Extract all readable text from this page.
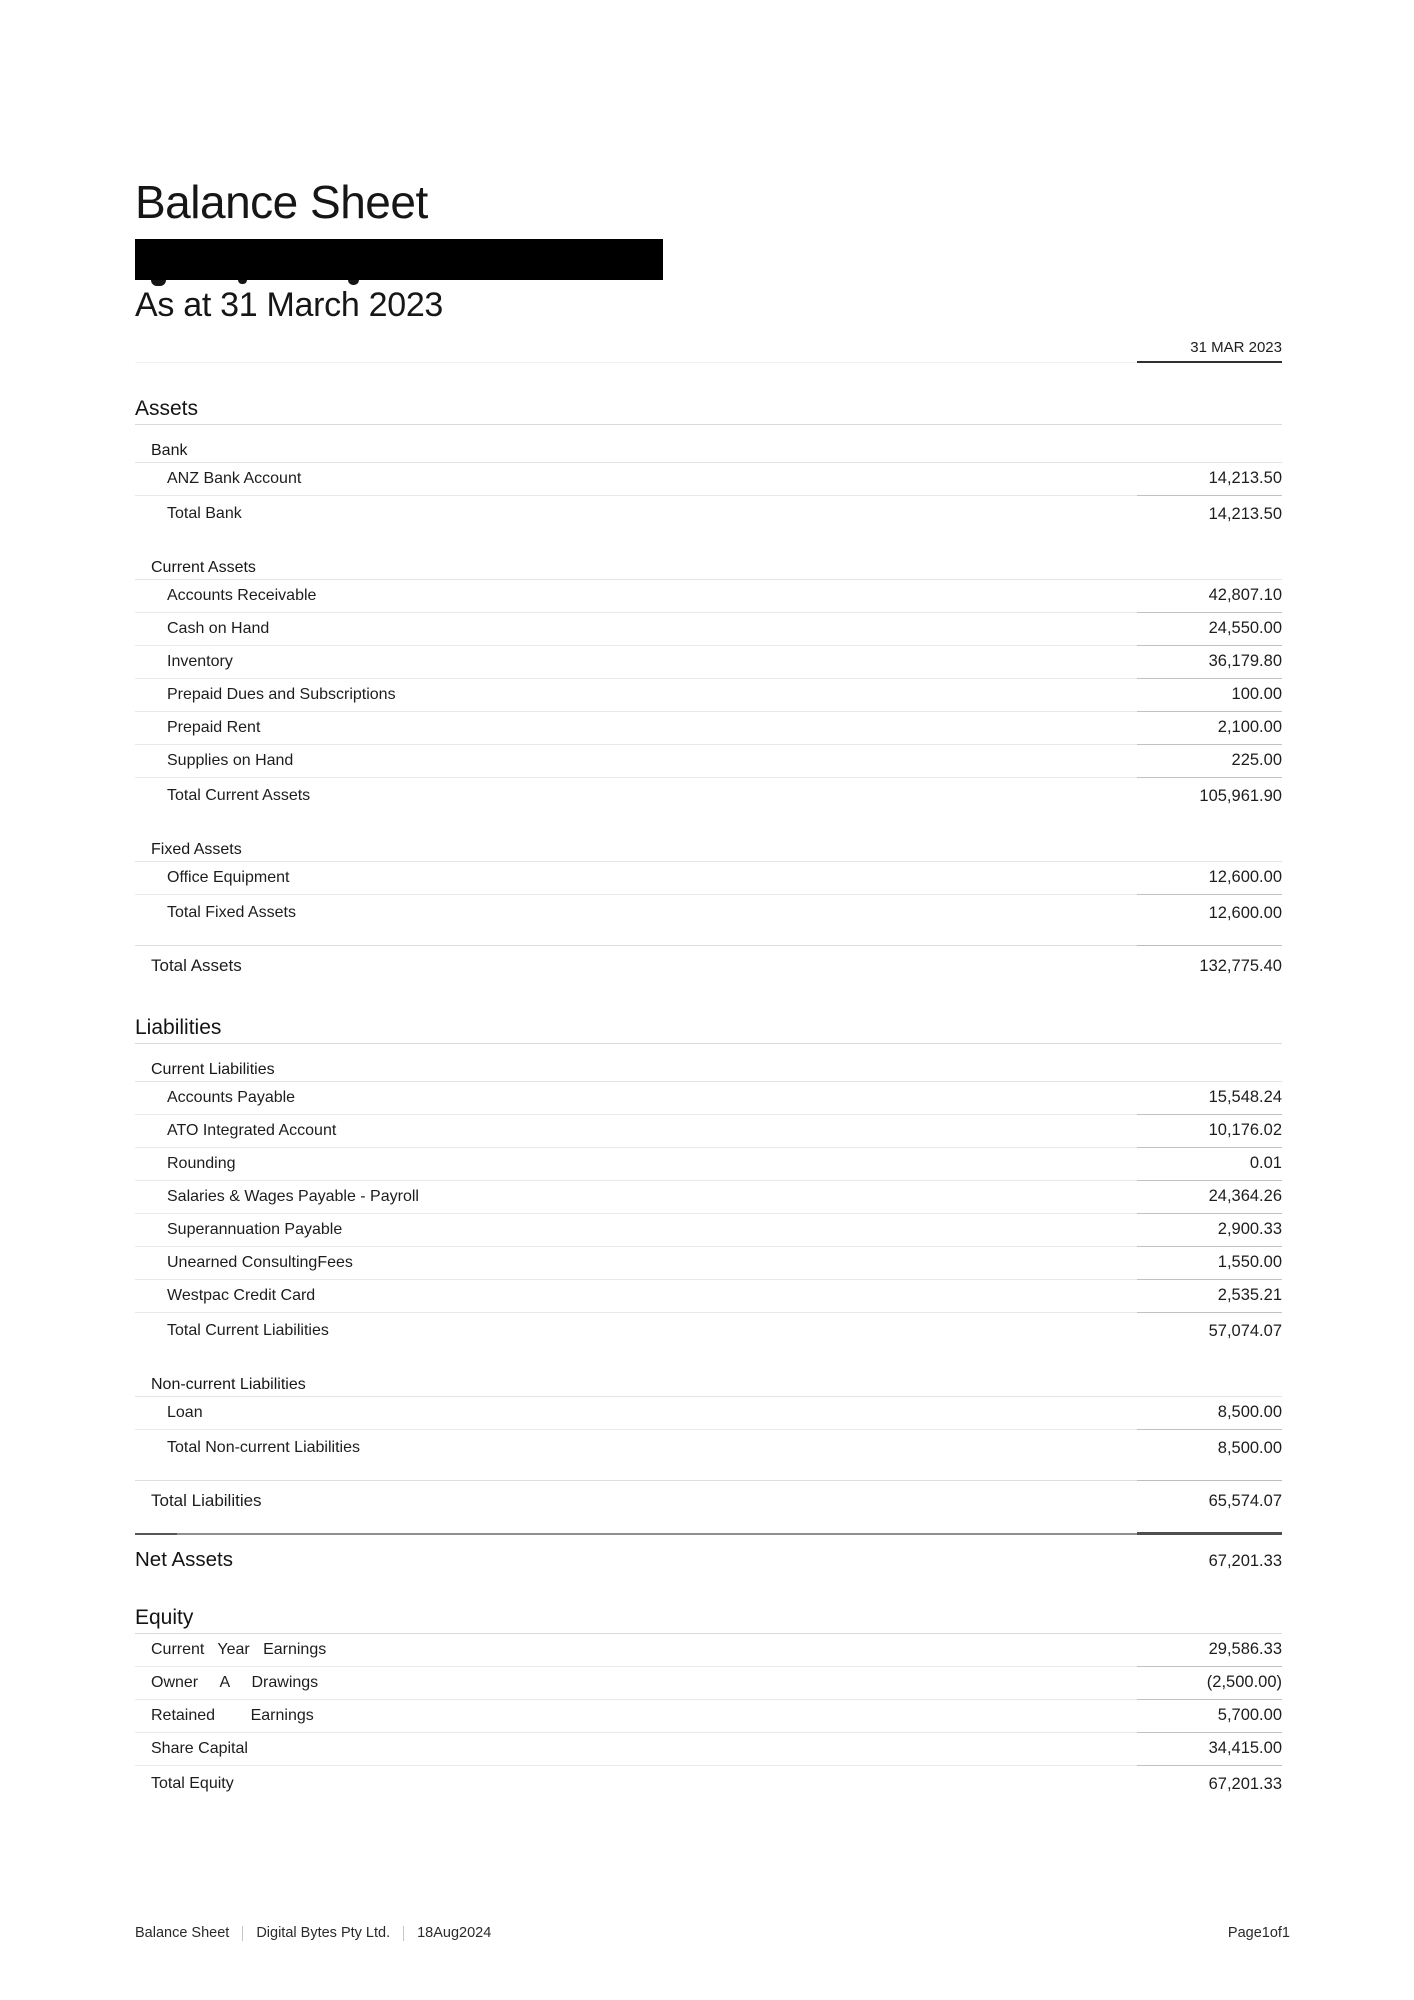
Balance Sheet
As at 31 March 2023
31 MAR 2023
Assets
Bank
ANZ Bank Account	14,213.50
Total Bank	14,213.50
Current Assets
Accounts Receivable	42,807.10
Cash on Hand	24,550.00
Inventory	36,179.80
Prepaid Dues and Subscriptions	100.00
Prepaid Rent	2,100.00
Supplies on Hand	225.00
Total Current Assets	105,961.90
Fixed Assets
Office Equipment	12,600.00
Total Fixed Assets	12,600.00
Total Assets	132,775.40
Liabilities
Current Liabilities
Accounts Payable	15,548.24
ATO Integrated Account	10,176.02
Rounding	0.01
Salaries & Wages Payable - Payroll	24,364.26
Superannuation Payable	2,900.33
Unearned ConsultingFees	1,550.00
Westpac Credit Card	2,535.21
Total Current Liabilities	57,074.07
Non-current Liabilities
Loan	8,500.00
Total Non-current Liabilities	8,500.00
Total Liabilities	65,574.07
Net Assets	67,201.33
Equity
Current   Year   Earnings	29,586.33
Owner     A     Drawings	(2,500.00)
Retained        Earnings	5,700.00
Share Capital	34,415.00
Total Equity	67,201.33
Balance Sheet Digital Bytes Pty Ltd. 18Aug2024	Page1of1
